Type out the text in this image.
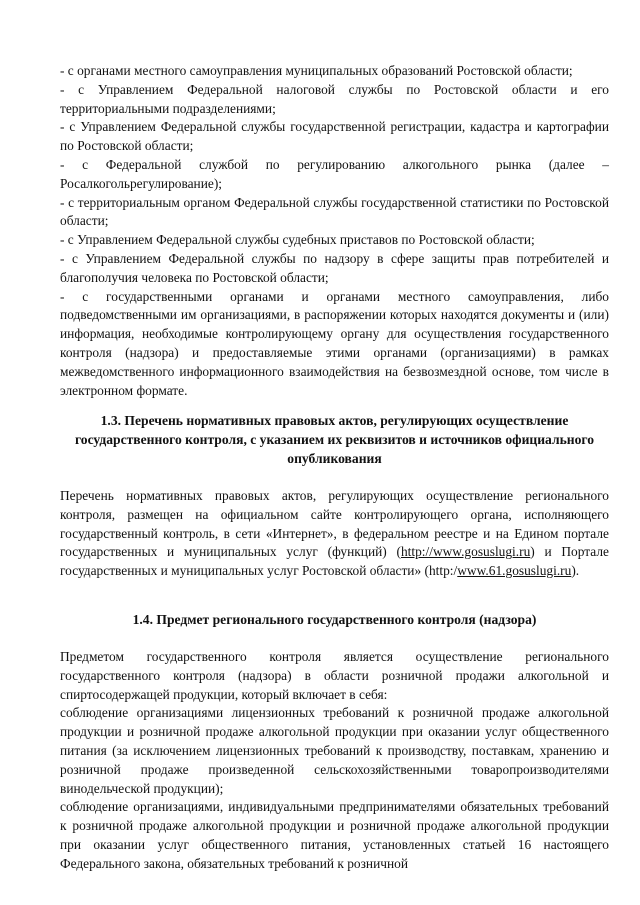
- с органами местного самоуправления муниципальных образований Ростовской области;

- с Управлением Федеральной налоговой службы по Ростовской области и его территориальными подразделениями;

- с Управлением Федеральной службы государственной регистрации, кадастра и картографии по Ростовской области;

- с Федеральной службой по регулированию алкогольного рынка (далее – Росалкогольрегулирование);

- с территориальным органом Федеральной службы государственной статистики по Ростовской области;

- с Управлением Федеральной службы судебных приставов по Ростовской области;

- с Управлением Федеральной службы по надзору в сфере защиты прав потребителей и благополучия человека по Ростовской области;

- с государственными органами и органами местного самоуправления, либо подведомственными им организациями, в распоряжении которых находятся документы и (или) информация, необходимые контролирующему органу для осуществления государственного контроля (надзора) и предоставляемые этими органами (организациями) в рамках межведомственного информационного взаимодействия на безвозмездной основе, том числе в электронном формате.

1.3. Перечень нормативных правовых актов, регулирующих осуществление государственного контроля, с указанием их реквизитов и источников официального опубликования

Перечень нормативных правовых актов, регулирующих осуществление регионального контроля, размещен на официальном сайте контролирующего органа, исполняющего государственный контроль, в сети «Интернет», в федеральном реестре и на Едином портале государственных и муниципальных услуг (функций) (http://www.gosuslugi.ru) и Портале государственных и муниципальных услуг Ростовской области» (http:/www.61.gosuslugi.ru).

1.4. Предмет регионального государственного контроля (надзора)

Предметом государственного контроля является осуществление регионального государственного контроля (надзора) в области розничной продажи алкогольной и спиртосодержащей продукции, который включает в себя:

соблюдение организациями лицензионных требований к розничной продаже алкогольной продукции и розничной продаже алкогольной продукции при оказании услуг общественного питания (за исключением лицензионных требований к производству, поставкам, хранению и розничной продаже произведенной сельскохозяйственными товаропроизводителями винодельческой продукции);

соблюдение организациями, индивидуальными предпринимателями обязательных требований к розничной продаже алкогольной продукции и розничной продаже алкогольной продукции при оказании услуг общественного питания, установленных статьей 16 настоящего Федерального закона, обязательных требований к розничной
